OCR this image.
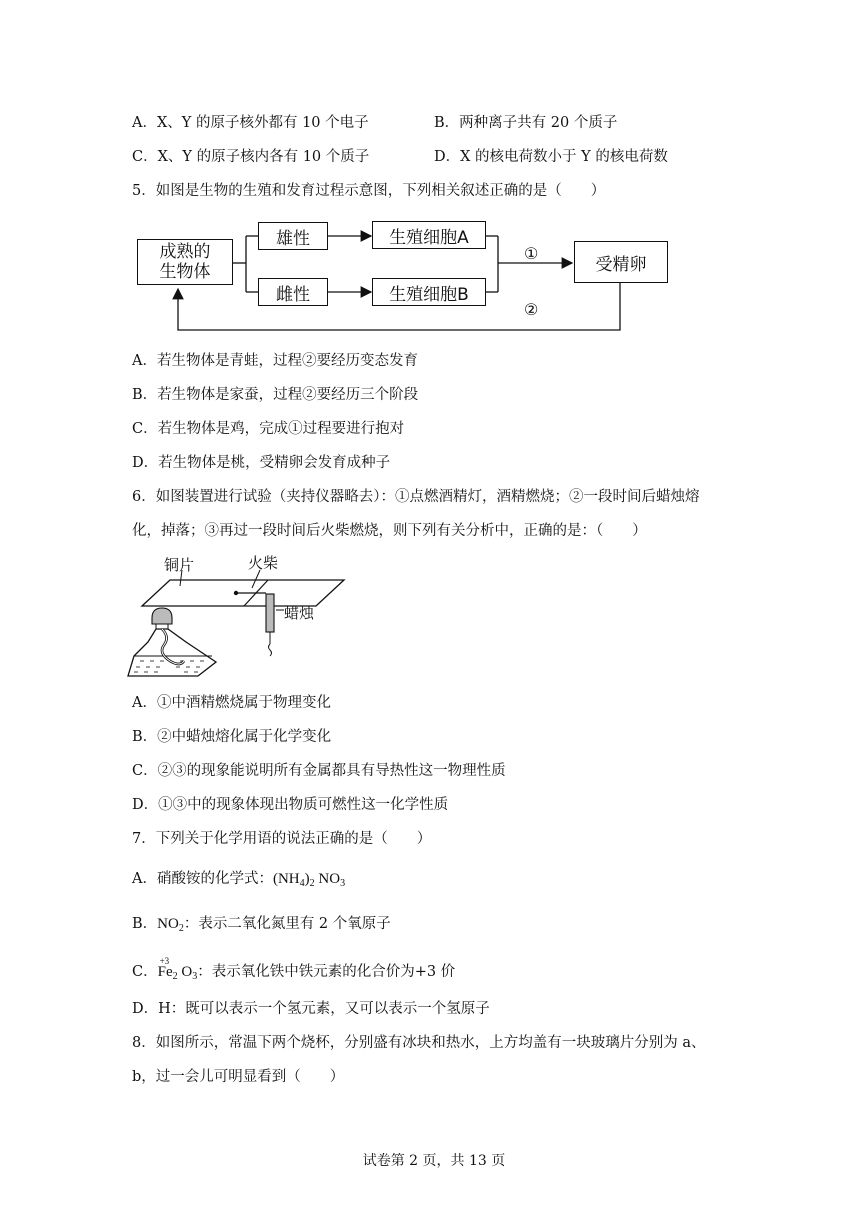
A．X、Y 的原子核外都有 10 个电子	B．两种离子共有 20 个质子
C．X、Y 的原子核内各有 10 个质子	D．X 的核电荷数小于 Y 的核电荷数
5．如图是生物的生殖和发育过程示意图，下列相关叙述正确的是（　　）
成熟的
生物体
雄性
雌性
生殖细胞A
生殖细胞B
受精卵
①
②
A．若生物体是青蛙，过程②要经历变态发育
B．若生物体是家蚕，过程②要经历三个阶段
C．若生物体是鸡，完成①过程要进行抱对
D．若生物体是桃，受精卵会发育成种子
6．如图装置进行试验（夹持仪器略去）：①点燃酒精灯，酒精燃烧；②一段时间后蜡烛熔
化，掉落；③再过一段时间后火柴燃烧，则下列有关分析中，正确的是：（　　）
铜片	火柴
蜡烛
A．①中酒精燃烧属于物理变化
B．②中蜡烛熔化属于化学变化
C．②③的现象能说明所有金属都具有导热性这一物理性质
D．①③中的现象体现出物质可燃性这一化学性质
7．下列关于化学用语的说法正确的是（　　）
A．硝酸铵的化学式：$(NH_4)_2$ $NO_3$
B．$NO_2$：表示二氧化氮里有 2 个氧原子
C．
+3
$Fe_2$ $O_3$：表示氧化铁中铁元素的化合价为+3 价
D．H：既可以表示一个氢元素，又可以表示一个氢原子
8．如图所示，常温下两个烧杯，分别盛有冰块和热水，上方均盖有一块玻璃片分别为 a、
b，过一会儿可明显看到（　　）
试卷第 2 页，共 13 页
